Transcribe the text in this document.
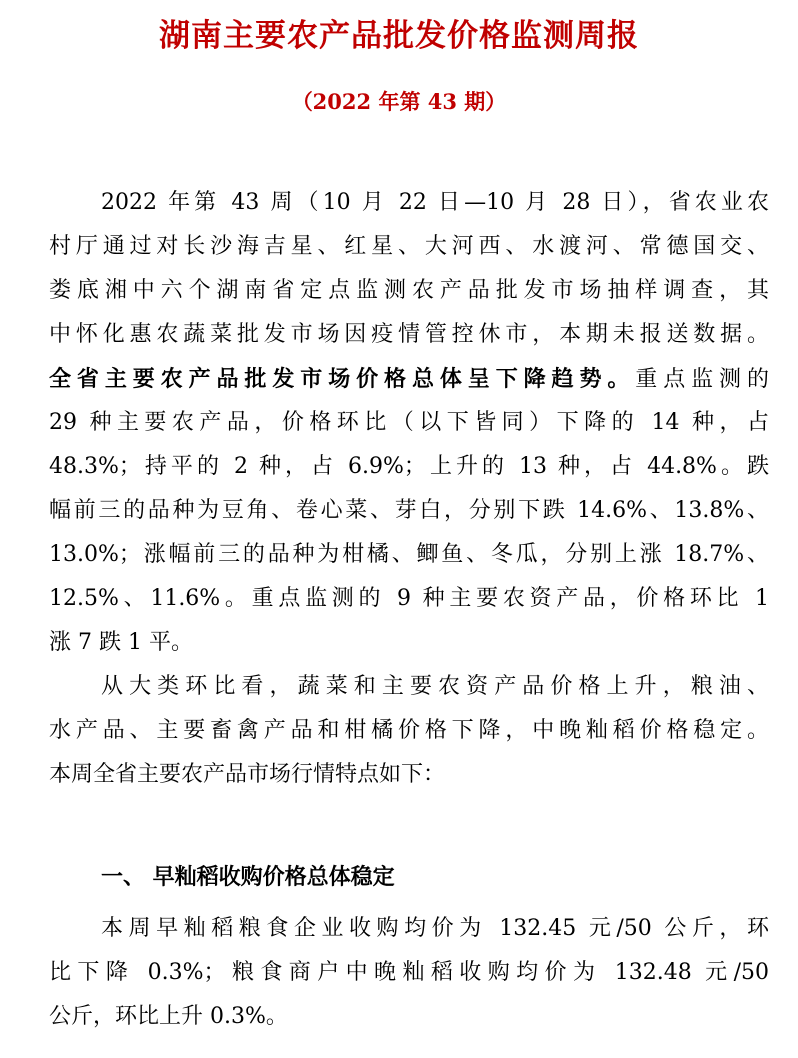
湖南主要农产品批发价格监测周报
（2022 年第 43 期）
2022 年第 43 周（10 月 22 日—10 月 28 日），省农业农
村厅通过对长沙海吉星、红星、大河西、水渡河、常德国交、
娄底湘中六个湖南省定点监测农产品批发市场抽样调查，其
中怀化惠农蔬菜批发市场因疫情管控休市，本期未报送数据。
全省主要农产品批发市场价格总体呈下降趋势。重点监测的
29 种主要农产品，价格环比（以下皆同）下降的 14 种，占
48.3%；持平的 2 种，占 6.9%；上升的 13 种，占 44.8%。跌
幅前三的品种为豆角、卷心菜、芽白，分别下跌 14.6%、13.8%、
13.0%；涨幅前三的品种为柑橘、鲫鱼、冬瓜，分别上涨 18.7%、
12.5%、11.6%。重点监测的 9 种主要农资产品，价格环比 1
涨 7 跌 1 平。
从大类环比看，蔬菜和主要农资产品价格上升，粮油、
水产品、主要畜禽产品和柑橘价格下降，中晚籼稻价格稳定。
本周全省主要农产品市场行情特点如下：
一、 早籼稻收购价格总体稳定
本周早籼稻粮食企业收购均价为 132.45 元/50 公斤，环
比下降 0.3%；粮食商户中晚籼稻收购均价为 132.48 元/50
公斤，环比上升 0.3%。
